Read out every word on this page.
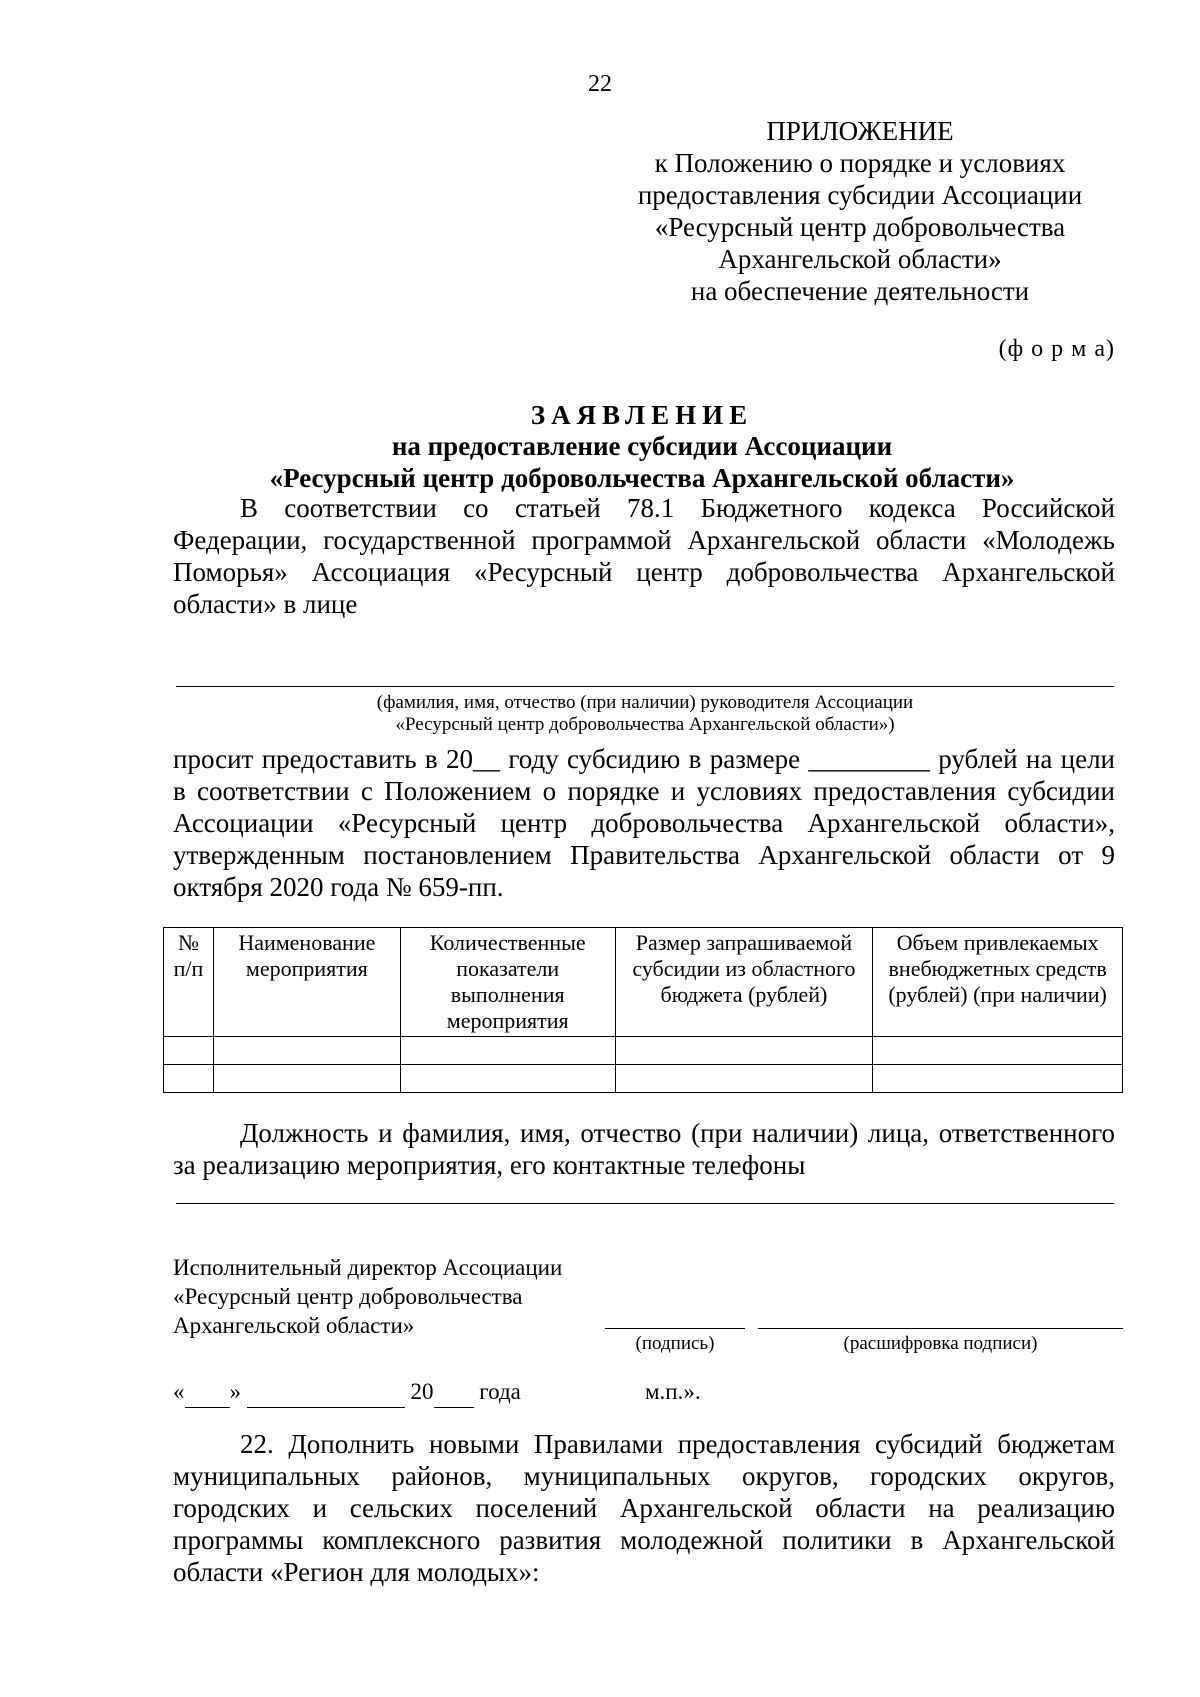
22
ПРИЛОЖЕНИЕ
к Положению о порядке и условиях
предоставления субсидии Ассоциации
«Ресурсный центр добровольчества
Архангельской области»
на обеспечение деятельности
(ф о р м а)
ЗАЯВЛЕНИЕ
на предоставление субсидии Ассоциации
«Ресурсный центр добровольчества Архангельской области»
В соответствии со статьей 78.1 Бюджетного кодекса Российской Федерации, государственной программой Архангельской области «Молодежь Поморья» Ассоциация «Ресурсный центр добровольчества Архангельской области» в лице
(фамилия, имя, отчество (при наличии) руководителя Ассоциации
«Ресурсный центр добровольчества Архангельской области»)
просит предоставить в 20__ году субсидию в размере _________ рублей на цели в соответствии с Положением о порядке и условиях предоставления субсидии Ассоциации «Ресурсный центр добровольчества Архангельской области», утвержденным постановлением Правительства Архангельской области от 9 октября 2020 года № 659-пп.
№ п/п	Наименование мероприятия	Количественные показатели выполнения мероприятия	Размер запрашиваемой субсидии из областного бюджета (рублей)	Объем привлекаемых внебюджетных средств (рублей) (при наличии)

Должность и фамилия, имя, отчество (при наличии) лица, ответственного за реализацию мероприятия, его контактные телефоны
Исполнительный директор Ассоциации
«Ресурсный центр добровольчества
Архангельской области»
(подпись)	(расшифровка подписи)
« »	20 года	м.п.».
22. Дополнить новыми Правилами предоставления субсидий бюджетам муниципальных районов, муниципальных округов, городских округов, городских и сельских поселений Архангельской области на реализацию программы комплексного развития молодежной политики в Архангельской области «Регион для молодых»:
